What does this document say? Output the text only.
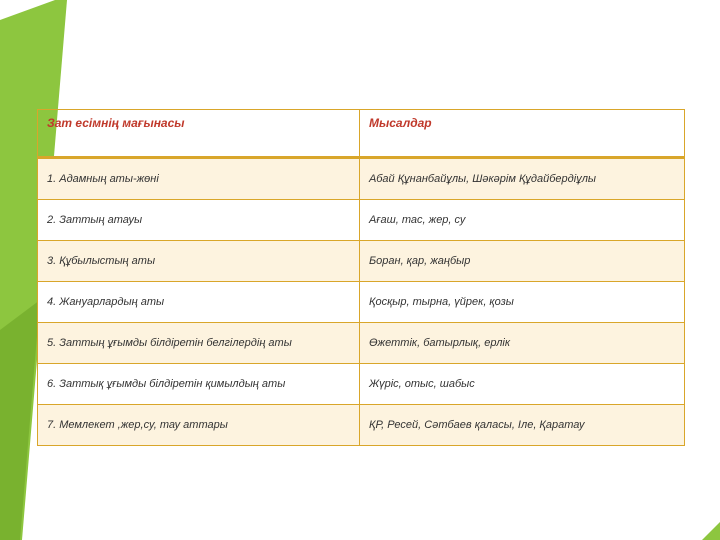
Зат есімнің мағынасы	Мысалдар
1. Адамның аты-жөні	Абай Құнанбайұлы, Шәкәрім Құдайбердіұлы
2. Заттың атауы	Ағаш, тас, жер, су
3. Құбылыстың аты	Боран, қар, жаңбыр
4. Жануарлардың аты	Қосқыр, тырна, үйрек, қозы
5. Заттың ұғымды білдіретін белгілердің аты	Өжеттік, батырлық, ерлік
6. Заттық ұғымды білдіретін қимылдың аты	Жүріс, отыс, шабыс
7. Мемлекет ,жер,су, тау аттары	ҚР, Ресей, Сәтбаев қаласы, Іле, Қаратау
